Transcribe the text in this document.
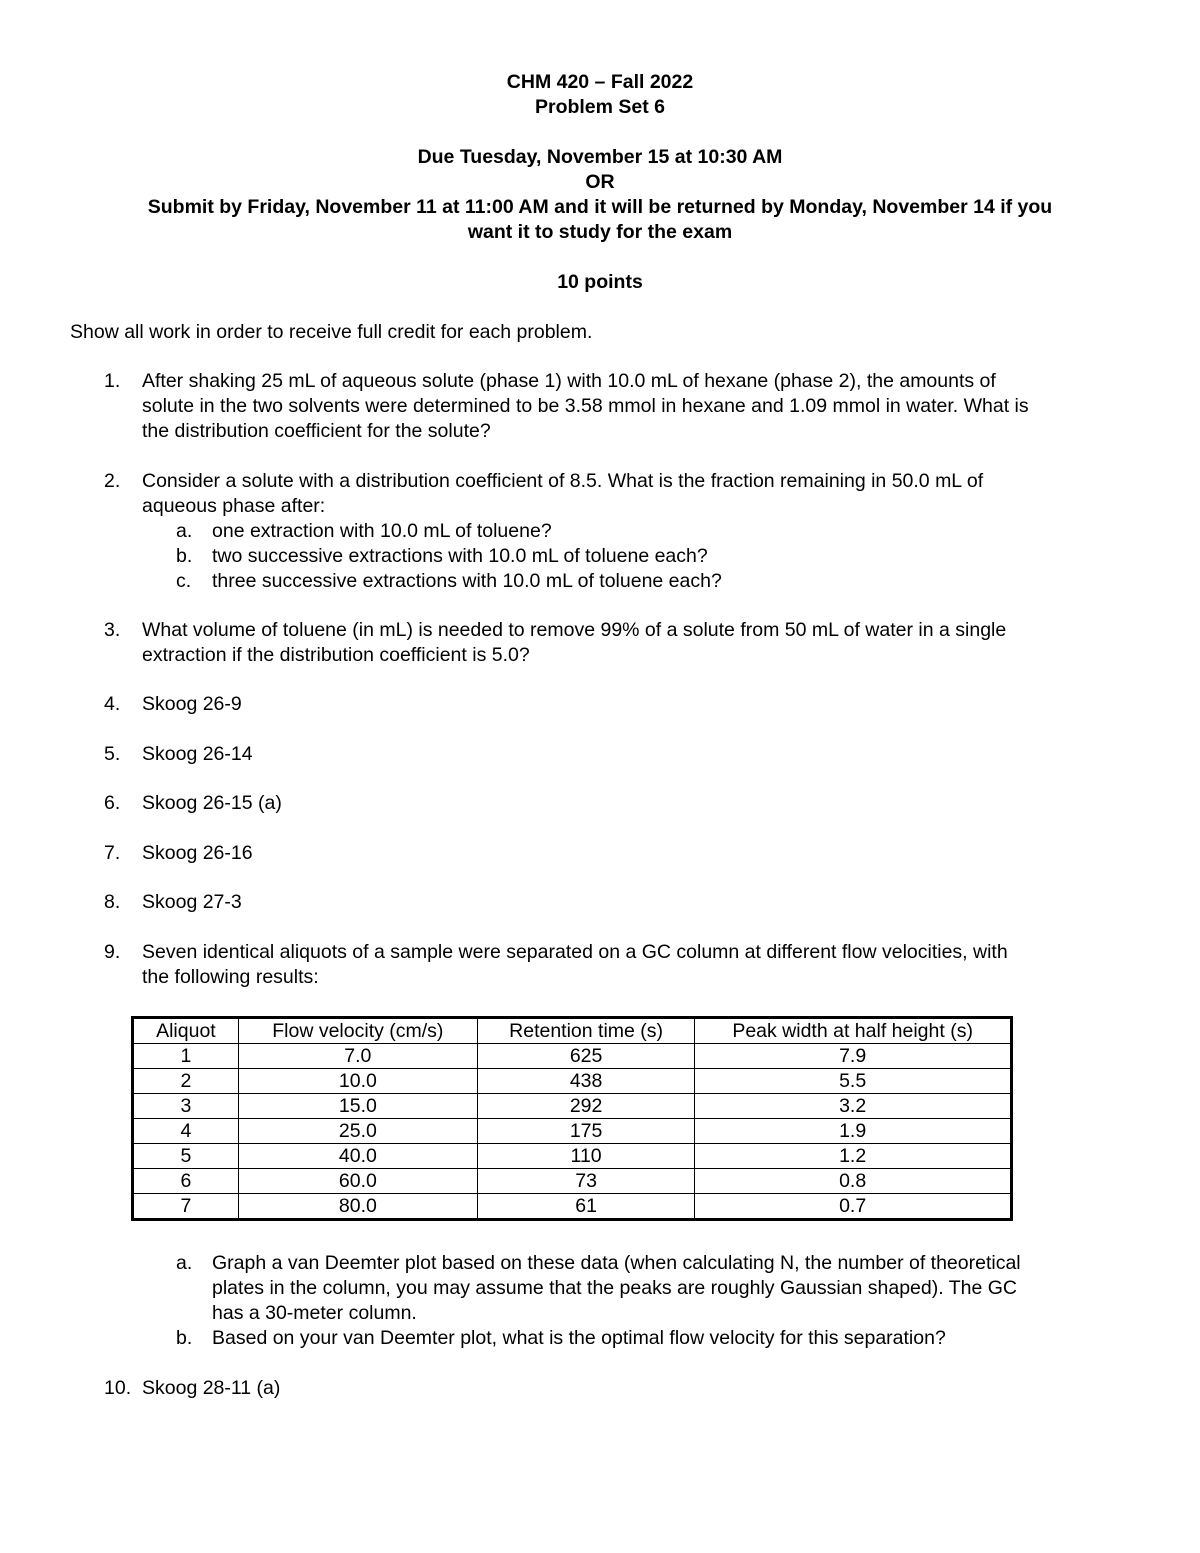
CHM 420 – Fall 2022
Problem Set 6
Due Tuesday, November 15 at 10:30 AM
OR
Submit by Friday, November 11 at 11:00 AM and it will be returned by Monday, November 14 if you
want it to study for the exam
10 points
Show all work in order to receive full credit for each problem.
1.	After shaking 25 mL of aqueous solute (phase 1) with 10.0 mL of hexane (phase 2), the amounts of
solute in the two solvents were determined to be 3.58 mmol in hexane and 1.09 mmol in water. What is
the distribution coefficient for the solute?
2.	Consider a solute with a distribution coefficient of 8.5. What is the fraction remaining in 50.0 mL of
aqueous phase after:
a. one extraction with 10.0 mL of toluene?
b. two successive extractions with 10.0 mL of toluene each?
c. three successive extractions with 10.0 mL of toluene each?
3.	What volume of toluene (in mL) is needed to remove 99% of a solute from 50 mL of water in a single
extraction if the distribution coefficient is 5.0?
4.	Skoog 26-9
5.	Skoog 26-14
6.	Skoog 26-15 (a)
7.	Skoog 26-16
8.	Skoog 27-3
9.	Seven identical aliquots of a sample were separated on a GC column at different flow velocities, with
the following results:
Aliquot	Flow velocity (cm/s)	Retention time (s)	Peak width at half height (s)
1	7.0	625	7.9
2	10.0	438	5.5
3	15.0	292	3.2
4	25.0	175	1.9
5	40.0	110	1.2
6	60.0	73	0.8
7	80.0	61	0.7
a. Graph a van Deemter plot based on these data (when calculating N, the number of theoretical
plates in the column, you may assume that the peaks are roughly Gaussian shaped). The GC
has a 30-meter column.
b. Based on your van Deemter plot, what is the optimal flow velocity for this separation?
10. Skoog 28-11 (a)
